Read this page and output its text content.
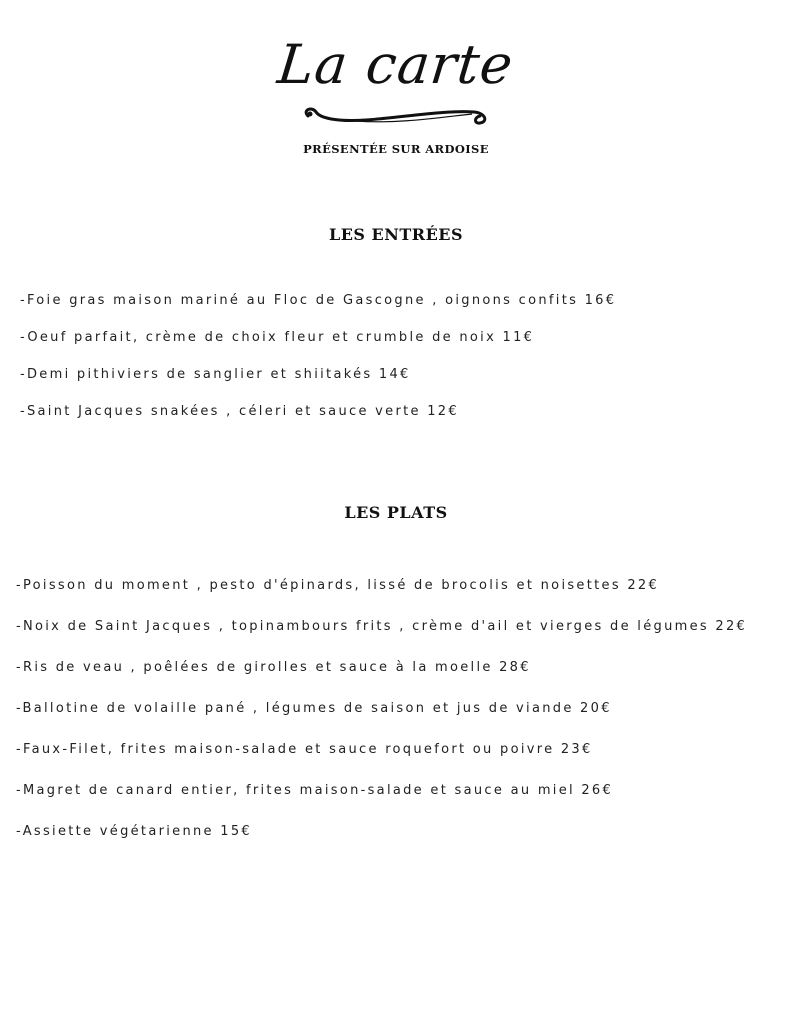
La carte
PRÉSENTÉE SUR ARDOISE
LES ENTRÉES
-Foie gras maison mariné au Floc de Gascogne , oignons confits 16€
-Oeuf parfait, crème de choix fleur et crumble de noix 11€
-Demi pithiviers de sanglier et shiitakés 14€
-Saint Jacques snakées , céleri et sauce verte 12€
LES PLATS
-Poisson du moment , pesto d'épinards, lissé de brocolis et noisettes 22€
-Noix de Saint Jacques , topinambours frits , crème d'ail et vierges de légumes 22€
-Ris de veau , poêlées de girolles et sauce à la moelle 28€
-Ballotine de volaille pané , légumes de saison et jus de viande 20€
-Faux-Filet, frites maison-salade et sauce roquefort ou poivre 23€
-Magret de canard entier, frites maison-salade et sauce au miel 26€
-Assiette végétarienne 15€
